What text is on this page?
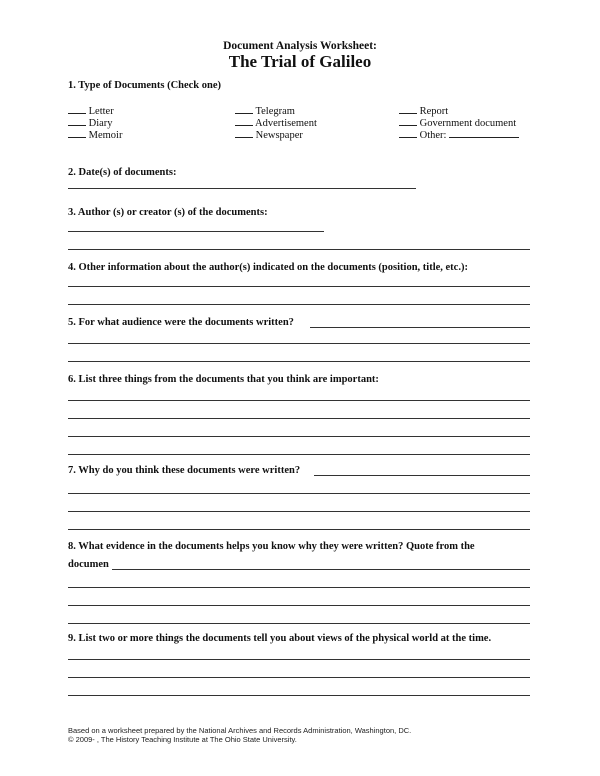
Document Analysis Worksheet:
The Trial of Galileo
1. Type of Documents (Check one)
Letter
Diary
Memoir
Telegram
Advertisement
Newspaper
Report
Government document
Other:
2. Date(s) of documents:
3. Author (s) or creator (s) of the documents:
4. Other information about the author(s) indicated on the documents (position, title, etc.):
5. For what audience were the documents written?
6. List three things from the documents that you think are important:
7. Why do you think these documents were written?
8. What evidence in the documents helps you know why they were written? Quote from the
documen
9. List two or more things the documents tell you about views of the physical world at the time.
Based on a worksheet prepared by the National Archives and Records Administration, Washington, DC.
© 2009- , The History Teaching Institute at The Ohio State University.
